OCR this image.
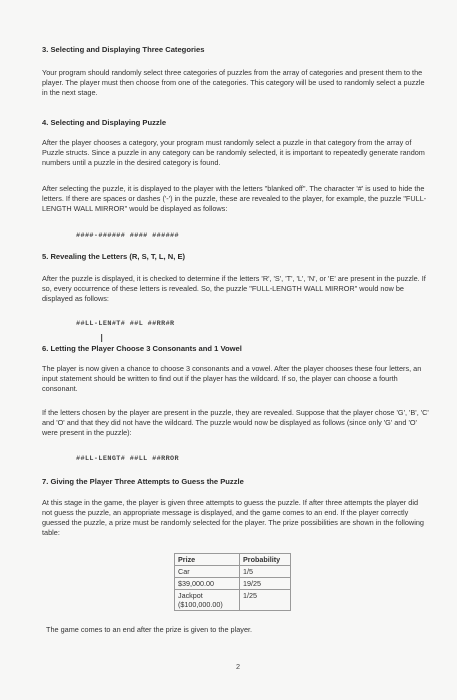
3. Selecting and Displaying Three Categories
Your program should randomly select three categories of puzzles from the array of categories and present them to the player. The player must then choose from one of the categories. This category will be used to randomly select a puzzle in the next stage.
4. Selecting and Displaying Puzzle
After the player chooses a category, your program must randomly select a puzzle in that category from the array of Puzzle structs. Since a puzzle in any category can be randomly selected, it is important to repeatedly generate random numbers until a puzzle in the desired category is found.
After selecting the puzzle, it is displayed to the player with the letters "blanked off". The character '#' is used to hide the letters. If there are spaces or dashes ('-') in the puzzle, these are revealed to the player, for example, the puzzle "FULL-LENGTH WALL MIRROR" would be displayed as follows:
####-###### #### ######
5. Revealing the Letters (R, S, T, L, N, E)
After the puzzle is displayed, it is checked to determine if the letters 'R', 'S', 'T', 'L', 'N', or 'E' are present in the puzzle. If so, every occurrence of these letters is revealed. So, the puzzle "FULL-LENGTH WALL MIRROR" would now be displayed as follows:
##LL-LEN#T# ##L ##RR#R
I
6. Letting the Player Choose 3 Consonants and 1 Vowel
The player is now given a chance to choose 3 consonants and a vowel. After the player chooses these four letters, an input statement should be written to find out if the player has the wildcard. If so, the player can choose a fourth consonant.
If the letters chosen by the player are present in the puzzle, they are revealed. Suppose that the player chose 'G', 'B', 'C' and 'O' and that they did not have the wildcard. The puzzle would now be displayed as follows (since only 'G' and 'O' were present in the puzzle):
##LL-LENGT# ##LL ##RROR
7. Giving the Player Three Attempts to Guess the Puzzle
At this stage in the game, the player is given three attempts to guess the puzzle. If after three attempts the player did not guess the puzzle, an appropriate message is displayed, and the game comes to an end. If the player correctly guessed the puzzle, a prize must be randomly selected for the player. The prize possibilities are shown in the following table:
Prize	Probability
Car	1/5
$39,000.00	19/25
Jackpot ($100,000.00)	1/25
The game comes to an end after the prize is given to the player.
2
